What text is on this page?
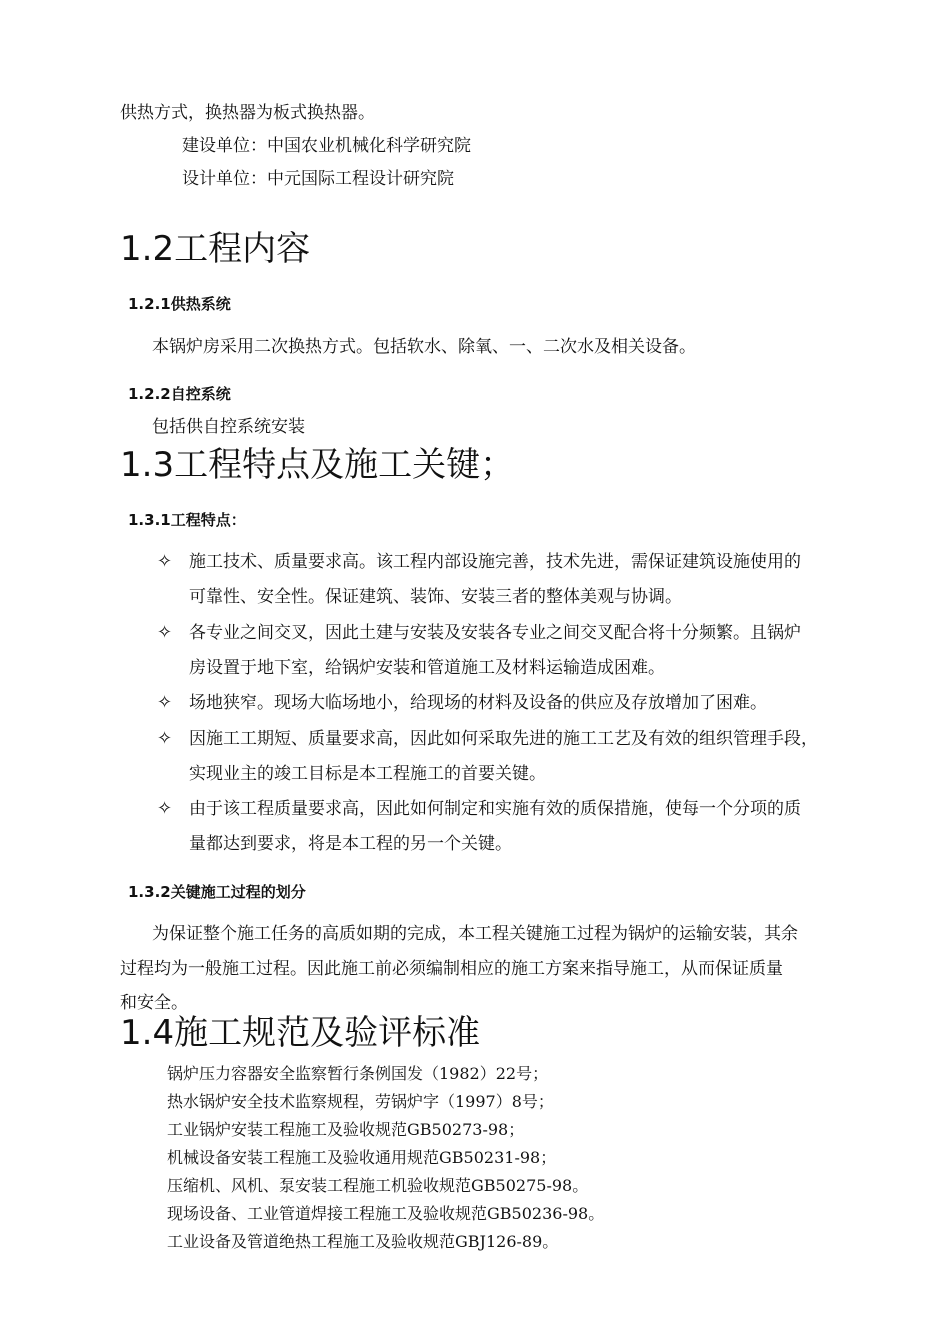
供热方式，换热器为板式换热器。
建设单位：中国农业机械化科学研究院
设计单位：中元国际工程设计研究院
1.2工程内容
1.2.1供热系统
本锅炉房采用二次换热方式。包括软水、除氧、一、二次水及相关设备。
1.2.2自控系统
包括供自控系统安装
1.3工程特点及施工关键；
1.3.1工程特点：
✧ 施工技术、质量要求高。该工程内部设施完善，技术先进，需保证建筑设施使用的
可靠性、安全性。保证建筑、装饰、安装三者的整体美观与协调。
✧ 各专业之间交叉，因此土建与安装及安装各专业之间交叉配合将十分频繁。且锅炉
房设置于地下室，给锅炉安装和管道施工及材料运输造成困难。
✧ 场地狭窄。现场大临场地小，给现场的材料及设备的供应及存放增加了困难。
✧ 因施工工期短、质量要求高，因此如何采取先进的施工工艺及有效的组织管理手段，
实现业主的竣工目标是本工程施工的首要关键。
✧ 由于该工程质量要求高，因此如何制定和实施有效的质保措施，使每一个分项的质
量都达到要求，将是本工程的另一个关键。
1.3.2关键施工过程的划分
为保证整个施工任务的高质如期的完成，本工程关键施工过程为锅炉的运输安装，其余
过程均为一般施工过程。因此施工前必须编制相应的施工方案来指导施工，从而保证质量
和安全。
1.4施工规范及验评标准
锅炉压力容器安全监察暂行条例国发（1982）22号；
热水锅炉安全技术监察规程，劳锅炉字（1997）8号；
工业锅炉安装工程施工及验收规范GB50273-98；
机械设备安装工程施工及验收通用规范GB50231-98；
压缩机、风机、泵安装工程施工机验收规范GB50275-98。
现场设备、工业管道焊接工程施工及验收规范GB50236-98。
工业设备及管道绝热工程施工及验收规范GBJ126-89。
